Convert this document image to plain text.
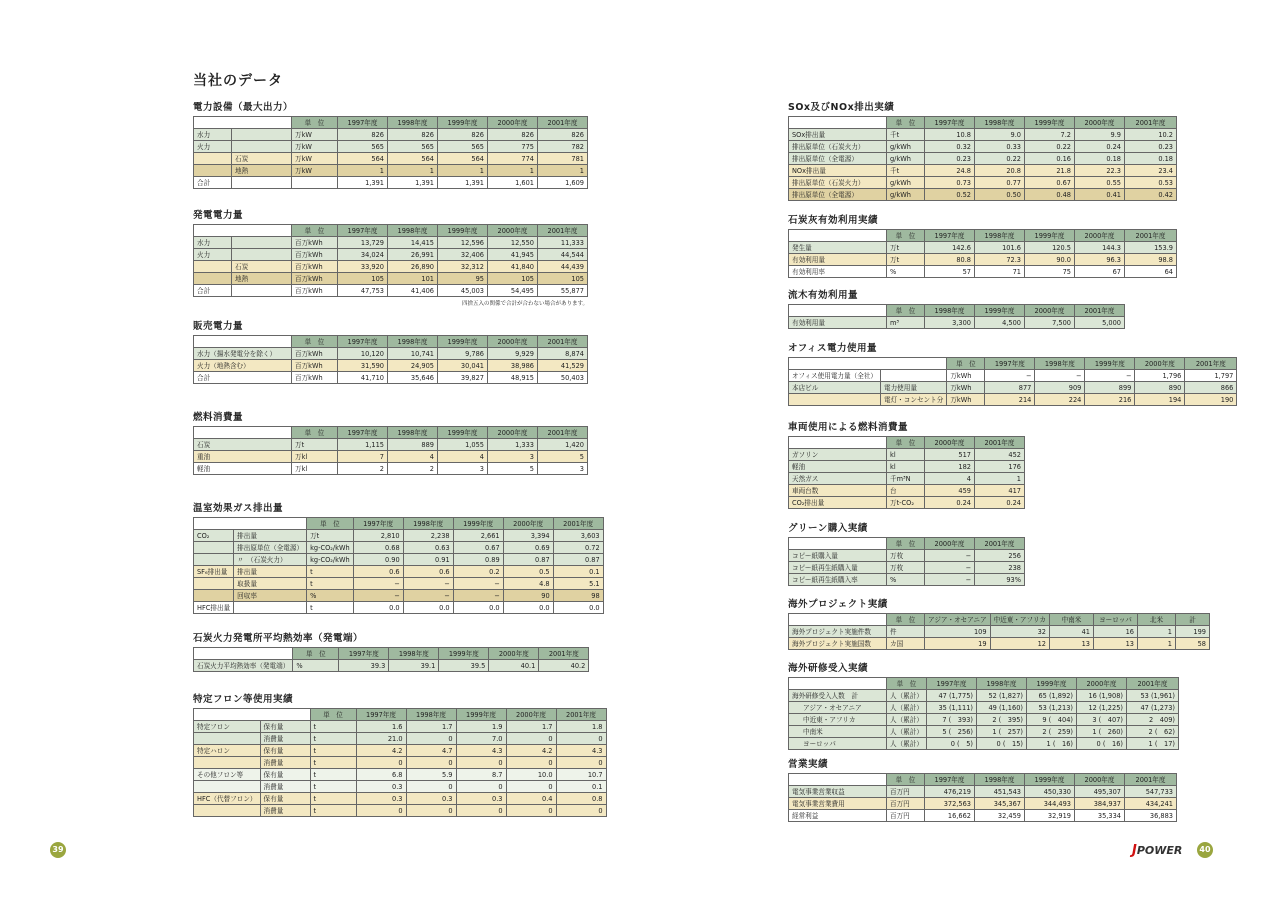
当社のデータ
電力設備（最大出力）
		単　位	1997年度	1998年度	1999年度	2000年度	2001年度
水力		万kW	826	826	826	826	826
火力		万kW	565	565	565	775	782
	石炭	万kW	564	564	564	774	781
	地熱	万kW	1	1	1	1	1
合計			1,391	1,391	1,391	1,601	1,609
発電電力量
		単　位	1997年度	1998年度	1999年度	2000年度	2001年度
水力		百万kWh	13,729	14,415	12,596	12,550	11,333
火力		百万kWh	34,024	26,991	32,406	41,945	44,544
	石炭	百万kWh	33,920	26,890	32,312	41,840	44,439
	地熱	百万kWh	105	101	95	105	105
合計		百万kWh	47,753	41,406	45,003	54,495	55,877
四捨五入の関係で合計が合わない場合があります。
販売電力量
	単　位	1997年度	1998年度	1999年度	2000年度	2001年度
水力（揚水発電分を除く）	百万kWh	10,120	10,741	9,786	9,929	8,874
火力（地熱含む）	百万kWh	31,590	24,905	30,041	38,986	41,529
合計	百万kWh	41,710	35,646	39,827	48,915	50,403
燃料消費量
	単　位	1997年度	1998年度	1999年度	2000年度	2001年度
石炭	万t	1,115	889	1,055	1,333	1,420
重油	万kl	7	4	4	3	5
軽油	万kl	2	2	3	5	3
温室効果ガス排出量
		単　位	1997年度	1998年度	1999年度	2000年度	2001年度
CO₂	排出量	万t	2,810	2,238	2,661	3,394	3,603
	排出原単位（全電源）	kg-CO₂/kWh	0.68	0.63	0.67	0.69	0.72
	〃　（石炭火力）	kg-CO₂/kWh	0.90	0.91	0.89	0.87	0.87
SF₆排出量	排出量	t	0.6	0.6	0.2	0.5	0.1
	取扱量	t	−	−	−	4.8	5.1
	回収率	%	−	−	−	90	98
HFC排出量		t	0.0	0.0	0.0	0.0	0.0
石炭火力発電所平均熱効率（発電端）
	単　位	1997年度	1998年度	1999年度	2000年度	2001年度
石炭火力平均熱効率（発電端）	%	39.3	39.1	39.5	40.1	40.2
特定フロン等使用実績
		単　位	1997年度	1998年度	1999年度	2000年度	2001年度
特定フロン	保有量	t	1.6	1.7	1.9	1.7	1.8
	消費量	t	21.0	0	7.0	0	0
特定ハロン	保有量	t	4.2	4.7	4.3	4.2	4.3
	消費量	t	0	0	0	0	0
その他フロン等	保有量	t	6.8	5.9	8.7	10.0	10.7
	消費量	t	0.3	0	0	0	0.1
HFC（代替フロン）	保有量	t	0.3	0.3	0.3	0.4	0.8
	消費量	t	0	0	0	0	0
SOx及びNOx排出実績
	単　位	1997年度	1998年度	1999年度	2000年度	2001年度
SOx排出量	千t	10.8	9.0	7.2	9.9	10.2
排出原単位（石炭火力）	g/kWh	0.32	0.33	0.22	0.24	0.23
排出原単位（全電源）	g/kWh	0.23	0.22	0.16	0.18	0.18
NOx排出量	千t	24.8	20.8	21.8	22.3	23.4
排出原単位（石炭火力）	g/kWh	0.73	0.77	0.67	0.55	0.53
排出原単位（全電源）	g/kWh	0.52	0.50	0.48	0.41	0.42
石炭灰有効利用実績
	単　位	1997年度	1998年度	1999年度	2000年度	2001年度
発生量	万t	142.6	101.6	120.5	144.3	153.9
有効利用量	万t	80.8	72.3	90.0	96.3	98.8
有効利用率	%	57	71	75	67	64
流木有効利用量
	単　位	1998年度	1999年度	2000年度	2001年度
有効利用量	m³	3,300	4,500	7,500	5,000
オフィス電力使用量
		単　位	1997年度	1998年度	1999年度	2000年度	2001年度
オフィス使用電力量（全社）		万kWh	−	−	−	1,796	1,797
本店ビル	電力使用量	万kWh	877	909	899	890	866
	電灯・コンセント分	万kWh	214	224	216	194	190
車両使用による燃料消費量
	単　位	2000年度	2001年度
ガソリン	kl	517	452
軽油	kl	182	176
天然ガス	千m³N	4	1
車両台数	台	459	417
CO₂排出量	万t-CO₂	0.24	0.24
グリーン購入実績
	単　位	2000年度	2001年度
コピー紙購入量	万枚	−	256
コピー紙再生紙購入量	万枚	−	238
コピー紙再生紙購入率	%	−	93%
海外プロジェクト実績
	単　位	アジア・オセアニア	中近東・アフリカ	中南米	ヨーロッパ	北米	計
海外プロジェクト実施件数	件	109	32	41	16	1	199
海外プロジェクト実施国数	カ国	19	12	13	13	1	58
海外研修受入実績
	単　位	1997年度	1998年度	1999年度	2000年度	2001年度
海外研修受入人数　計	人（累計）	47 (1,775)	52 (1,827)	65 (1,892)	16 (1,908)	53 (1,961)
アジア・オセアニア	人（累計）	35 (1,111)	49 (1,160)	53 (1,213)	12 (1,225)	47 (1,273)
中近東・アフリカ	人（累計）	7 (　393)	2 (　395)	9 (　404)	3 (　407)	2　409)
中南米	人（累計）	5 (　256)	1 (　257)	2 (　259)	1 (　260)	2 (　62)
ヨーロッパ	人（累計）	0 (　5)	0 (　15)	1 (　16)	0 (　16)	1 (　17)
営業実績
	単　位	1997年度	1998年度	1999年度	2000年度	2001年度
電気事業営業収益	百万円	476,219	451,543	450,330	495,307	547,733
電気事業営業費用	百万円	372,563	345,367	344,493	384,937	434,241
経常利益	百万円	16,662	32,459	32,919	35,334	36,883
39	JPOWER	40
